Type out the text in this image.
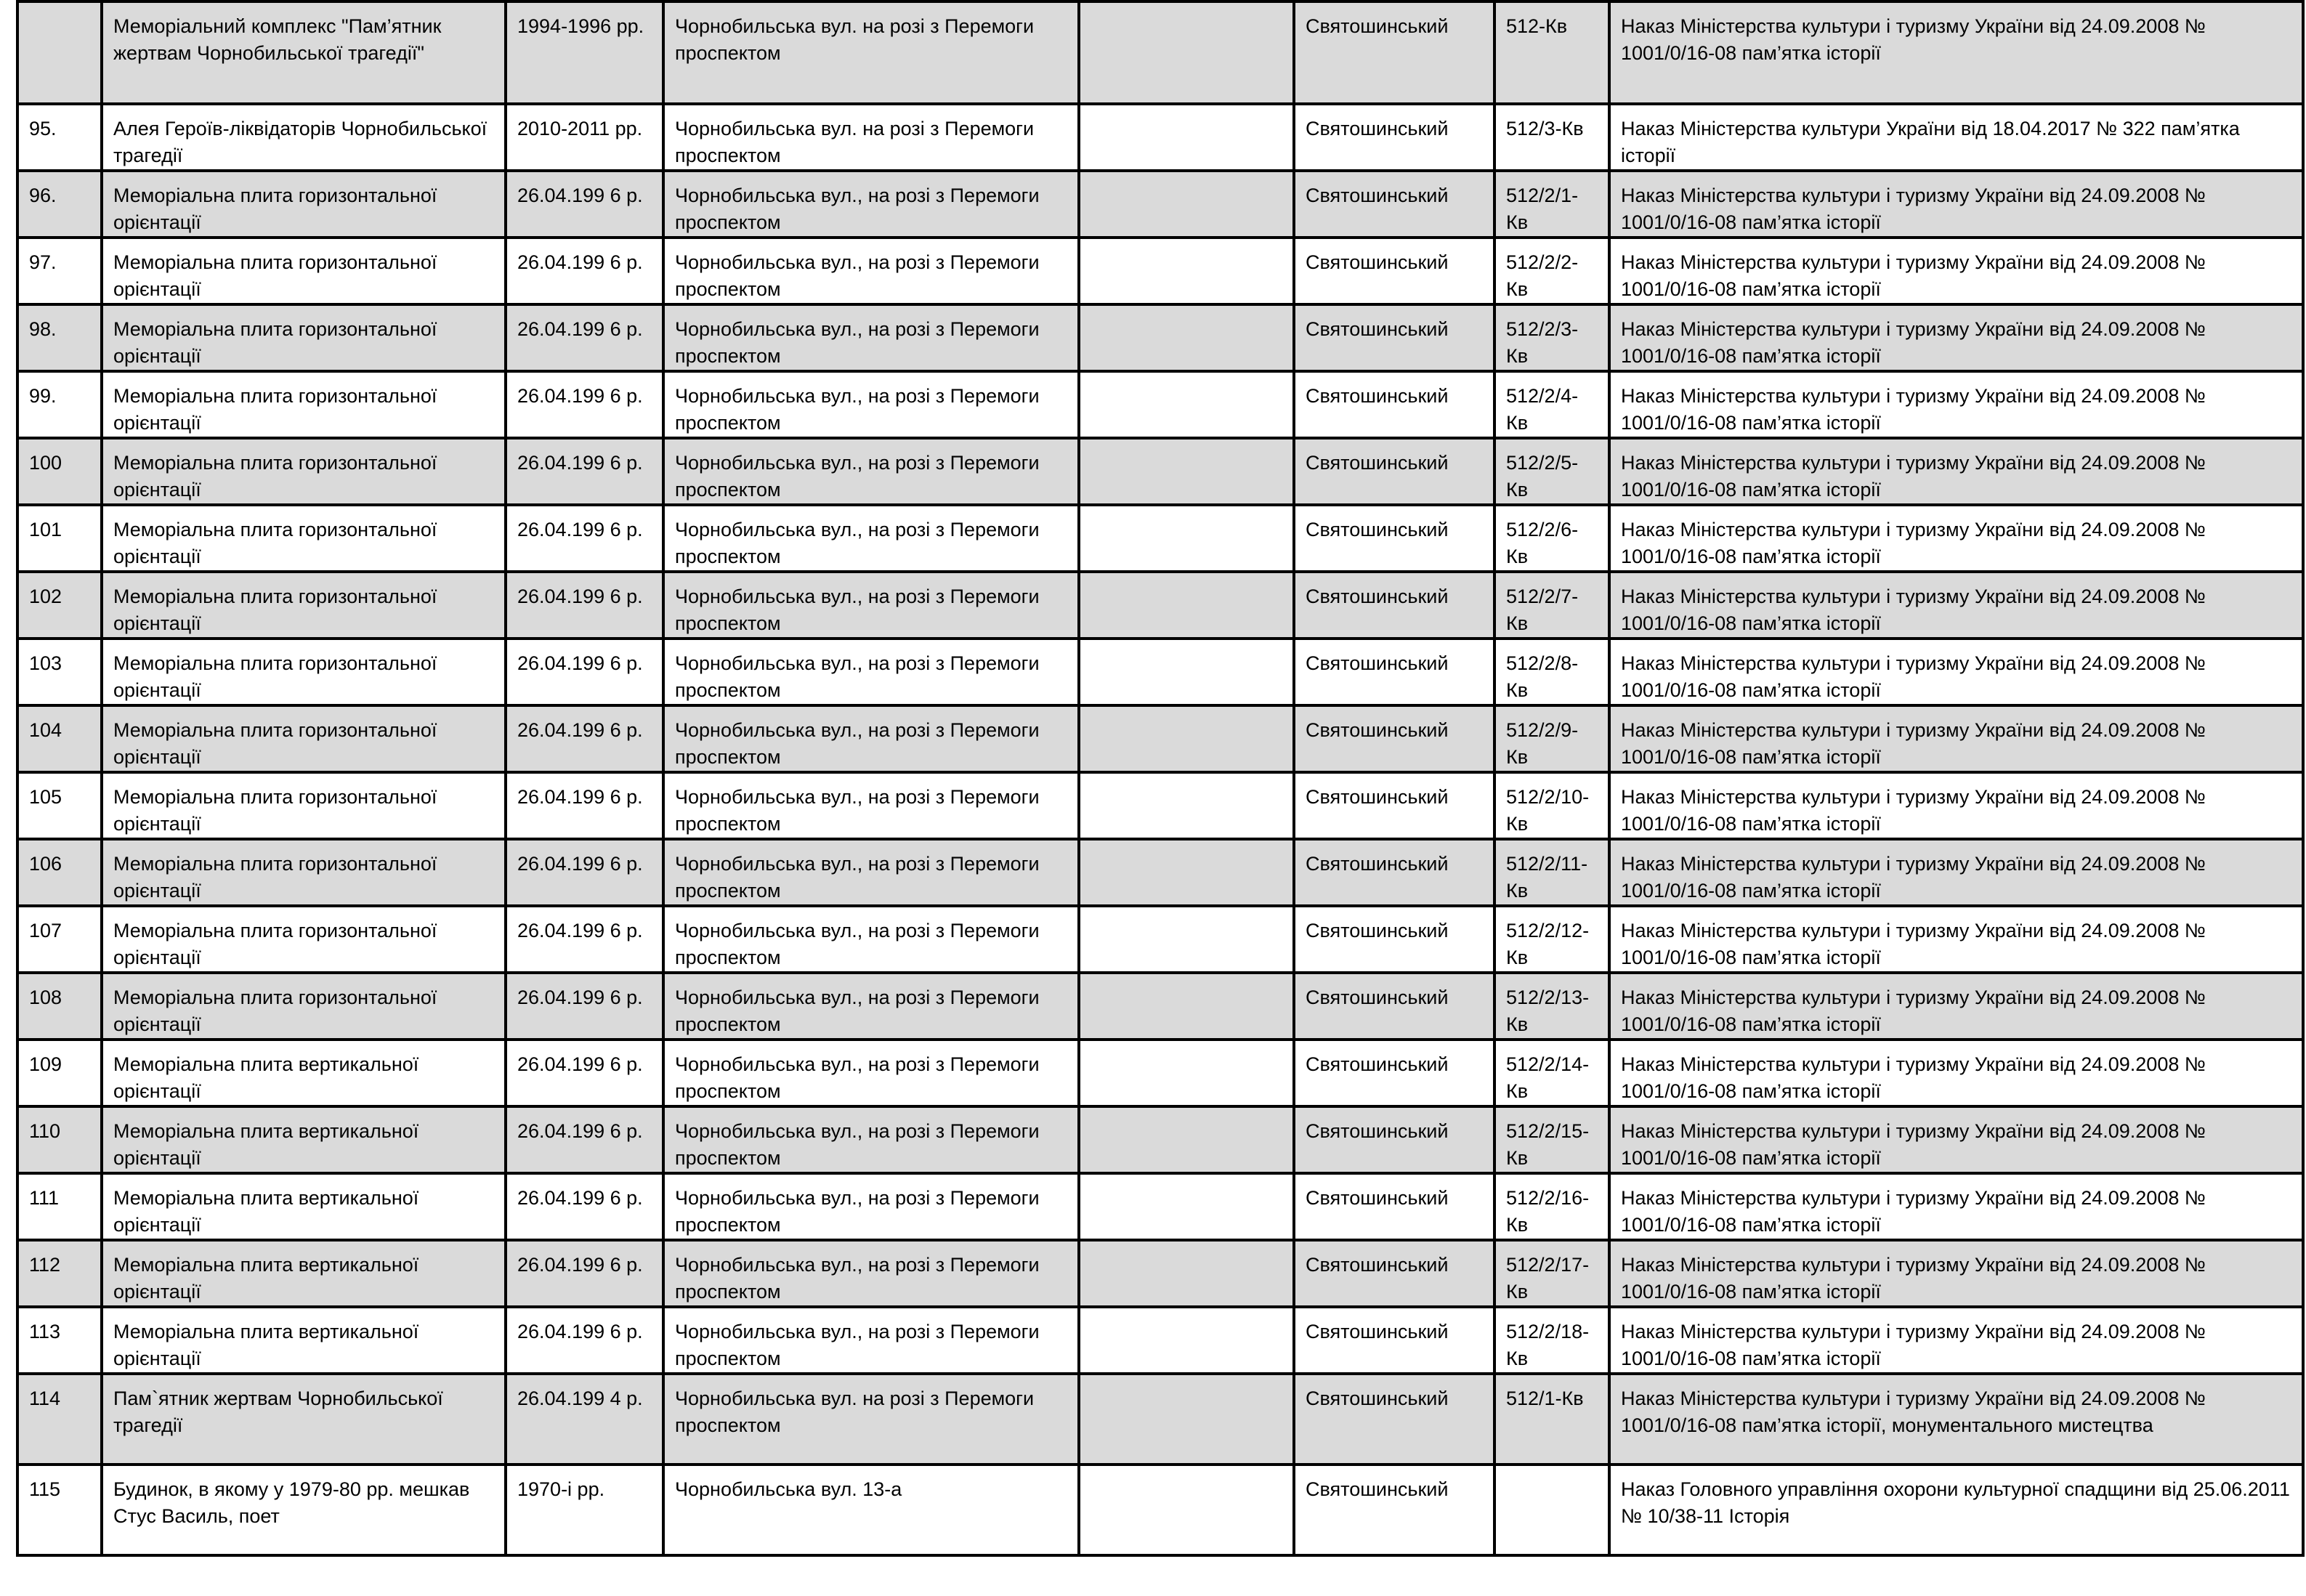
	Меморіальний комплекс "Пам’ятник жертвам Чорнобильської трагедії"	1994-1996 рр.	Чорнобильська вул. на розі з Перемоги проспектом		Святошинський	512-Кв	Наказ Міністерства культури і туризму України від 24.09.2008 № 1001/0/16-08 пам’ятка історії
95.	Алея Героїв-ліквідаторів Чорнобильської трагедії	2010-2011 рр.	Чорнобильська вул. на розі з Перемоги проспектом		Святошинський	512/3-Кв	Наказ Міністерства культури України від 18.04.2017 № 322 пам’ятка історії
96.	Меморіальна плита горизонтальної орієнтації	26.04.199 6 р.	Чорнобильська вул., на розі з Перемоги проспектом		Святошинський	512/2/1-Кв	Наказ Міністерства культури і туризму України від 24.09.2008 № 1001/0/16-08 пам’ятка історії
97.	Меморіальна плита горизонтальної орієнтації	26.04.199 6 р.	Чорнобильська вул., на розі з Перемоги проспектом		Святошинський	512/2/2-Кв	Наказ Міністерства культури і туризму України від 24.09.2008 № 1001/0/16-08 пам’ятка історії
98.	Меморіальна плита горизонтальної орієнтації	26.04.199 6 р.	Чорнобильська вул., на розі з Перемоги проспектом		Святошинський	512/2/3-Кв	Наказ Міністерства культури і туризму України від 24.09.2008 № 1001/0/16-08 пам’ятка історії
99.	Меморіальна плита горизонтальної орієнтації	26.04.199 6 р.	Чорнобильська вул., на розі з Перемоги проспектом		Святошинський	512/2/4-Кв	Наказ Міністерства культури і туризму України від 24.09.2008 № 1001/0/16-08 пам’ятка історії
100	Меморіальна плита горизонтальної орієнтації	26.04.199 6 р.	Чорнобильська вул., на розі з Перемоги проспектом		Святошинський	512/2/5-Кв	Наказ Міністерства культури і туризму України від 24.09.2008 № 1001/0/16-08 пам’ятка історії
101	Меморіальна плита горизонтальної орієнтації	26.04.199 6 р.	Чорнобильська вул., на розі з Перемоги проспектом		Святошинський	512/2/6-Кв	Наказ Міністерства культури і туризму України від 24.09.2008 № 1001/0/16-08 пам’ятка історії
102	Меморіальна плита горизонтальної орієнтації	26.04.199 6 р.	Чорнобильська вул., на розі з Перемоги проспектом		Святошинський	512/2/7-Кв	Наказ Міністерства культури і туризму України від 24.09.2008 № 1001/0/16-08 пам’ятка історії
103	Меморіальна плита горизонтальної орієнтації	26.04.199 6 р.	Чорнобильська вул., на розі з Перемоги проспектом		Святошинський	512/2/8-Кв	Наказ Міністерства культури і туризму України від 24.09.2008 № 1001/0/16-08 пам’ятка історії
104	Меморіальна плита горизонтальної орієнтації	26.04.199 6 р.	Чорнобильська вул., на розі з Перемоги проспектом		Святошинський	512/2/9-Кв	Наказ Міністерства культури і туризму України від 24.09.2008 № 1001/0/16-08 пам’ятка історії
105	Меморіальна плита горизонтальної орієнтації	26.04.199 6 р.	Чорнобильська вул., на розі з Перемоги проспектом		Святошинський	512/2/10-Кв	Наказ Міністерства культури і туризму України від 24.09.2008 № 1001/0/16-08 пам’ятка історії
106	Меморіальна плита горизонтальної орієнтації	26.04.199 6 р.	Чорнобильська вул., на розі з Перемоги проспектом		Святошинський	512/2/11-Кв	Наказ Міністерства культури і туризму України від 24.09.2008 № 1001/0/16-08 пам’ятка історії
107	Меморіальна плита горизонтальної орієнтації	26.04.199 6 р.	Чорнобильська вул., на розі з Перемоги проспектом		Святошинський	512/2/12-Кв	Наказ Міністерства культури і туризму України від 24.09.2008 № 1001/0/16-08 пам’ятка історії
108	Меморіальна плита горизонтальної орієнтації	26.04.199 6 р.	Чорнобильська вул., на розі з Перемоги проспектом		Святошинський	512/2/13-Кв	Наказ Міністерства культури і туризму України від 24.09.2008 № 1001/0/16-08 пам’ятка історії
109	Меморіальна плита вертикальної орієнтації	26.04.199 6 р.	Чорнобильська вул., на розі з Перемоги проспектом		Святошинський	512/2/14-Кв	Наказ Міністерства культури і туризму України від 24.09.2008 № 1001/0/16-08 пам’ятка історії
110	Меморіальна плита вертикальної орієнтації	26.04.199 6 р.	Чорнобильська вул., на розі з Перемоги проспектом		Святошинський	512/2/15-Кв	Наказ Міністерства культури і туризму України від 24.09.2008 № 1001/0/16-08 пам’ятка історії
111	Меморіальна плита вертикальної орієнтації	26.04.199 6 р.	Чорнобильська вул., на розі з Перемоги проспектом		Святошинський	512/2/16-Кв	Наказ Міністерства культури і туризму України від 24.09.2008 № 1001/0/16-08 пам’ятка історії
112	Меморіальна плита вертикальної орієнтації	26.04.199 6 р.	Чорнобильська вул., на розі з Перемоги проспектом		Святошинський	512/2/17-Кв	Наказ Міністерства культури і туризму України від 24.09.2008 № 1001/0/16-08 пам’ятка історії
113	Меморіальна плита вертикальної орієнтації	26.04.199 6 р.	Чорнобильська вул., на розі з Перемоги проспектом		Святошинський	512/2/18-Кв	Наказ Міністерства культури і туризму України від 24.09.2008 № 1001/0/16-08 пам’ятка історії
114	Пам`ятник жертвам Чорнобильської трагедії	26.04.199 4 р.	Чорнобильська вул. на розі з Перемоги проспектом		Святошинський	512/1-Кв	Наказ Міністерства культури і туризму України від 24.09.2008 № 1001/0/16-08 пам’ятка історії, монументального мистецтва
115	Будинок, в якому у 1979-80 рр. мешкав Стус Василь, поет	1970-і рр.	Чорнобильська вул. 13-а		Святошинський		Наказ Головного управління охорони культурної спадщини від 25.06.2011 № 10/38-11 Історія
